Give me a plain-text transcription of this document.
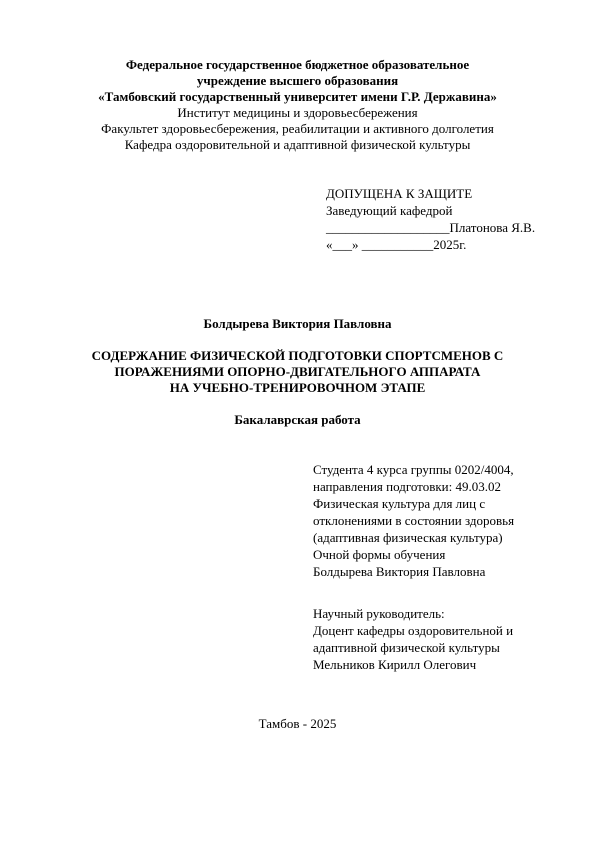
Федеральное государственное бюджетное образовательное
учреждение высшего образования
«Тамбовский государственный университет имени Г.Р. Державина»
Институт медицины и здоровьесбережения
Факультет здоровьесбережения, реабилитации и активного долголетия
Кафедра оздоровительной и адаптивной физической культуры
ДОПУЩЕНА К ЗАЩИТЕ
Заведующий кафедрой
___________________Платонова Я.В.
«___» ___________2025г.
Болдырева Виктория Павловна
СОДЕРЖАНИЕ ФИЗИЧЕСКОЙ ПОДГОТОВКИ СПОРТСМЕНОВ С
ПОРАЖЕНИЯМИ ОПОРНО-ДВИГАТЕЛЬНОГО АППАРАТА
НА УЧЕБНО-ТРЕНИРОВОЧНОМ ЭТАПЕ
Бакалаврская работа
Студента 4 курса группы 0202/4004,
направления подготовки: 49.03.02
Физическая культура для лиц с
отклонениями в состоянии здоровья
(адаптивная физическая культура)
Очной формы обучения
Болдырева Виктория Павловна
Научный руководитель:
Доцент кафедры оздоровительной и
адаптивной физической культуры
Мельников Кирилл Олегович
Тамбов - 2025
